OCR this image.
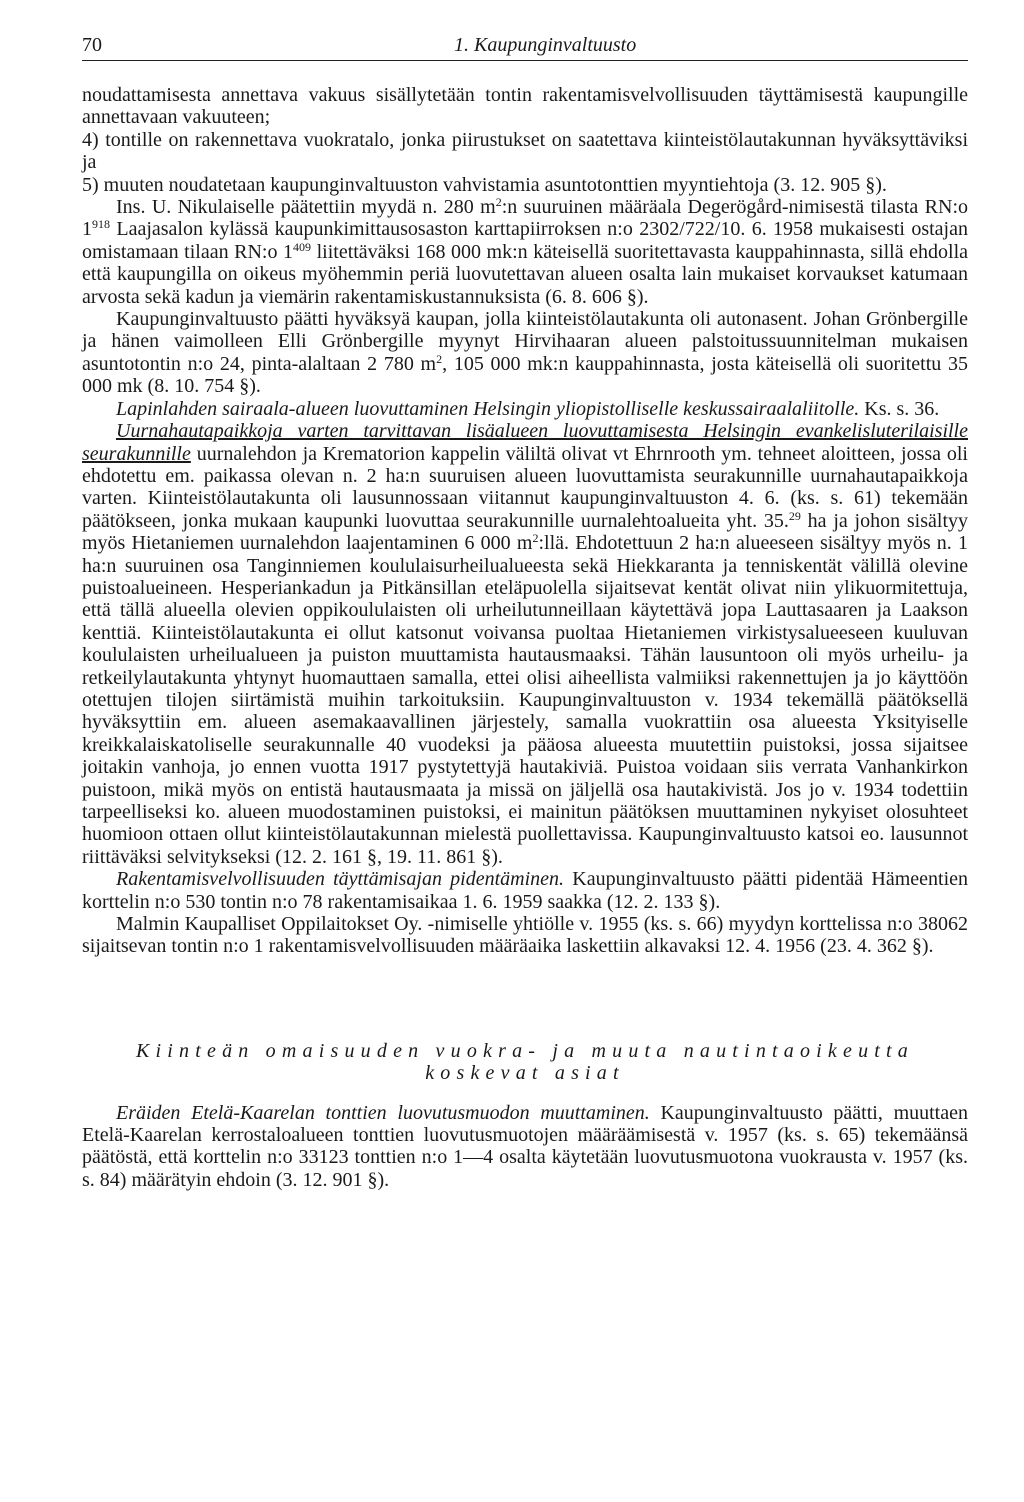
70	1. Kaupunginvaltuusto

noudattamisesta annettava vakuus sisällytetään tontin rakentamisvelvollisuuden täyttämisestä kaupungille annettavaan vakuuteen;

4) tontille on rakennettava vuokratalo, jonka piirustukset on saatettava kiinteistölautakunnan hyväksyttäviksi ja

5) muuten noudatetaan kaupunginvaltuuston vahvistamia asuntotonttien myyntiehtoja (3. 12. 905 §).

Ins. U. Nikulaiselle päätettiin myydä n. 280 $m^2:n$ suuruinen määräala Degerögård-nimisestä tilasta RN:o $1^{918}$ Laajasalon kylässä kaupunkimittausosaston karttapiirroksen n:o 2302/722/10. 6. 1958 mukaisesti ostajan omistamaan tilaan RN:o $1^{409}$ liitettäväksi 168 000 mk:n käteisellä suoritettavasta kauppahinnasta, sillä ehdolla että kaupungilla on oikeus myöhemmin periä luovutettavan alueen osalta lain mukaiset korvaukset katumaan arvosta sekä kadun ja viemärin rakentamiskustannuksista (6. 8. 606 §).

Kaupunginvaltuusto päätti hyväksyä kaupan, jolla kiinteistölautakunta oli autonasent. Johan Grönbergille ja hänen vaimolleen Elli Grönbergille myynyt Hirvihaaran alueen palstoitussuunnitelman mukaisen asuntotontin n:o 24, pinta-alaltaan 2 780 $m^2$, 105 000 mk:n kauppahinnasta, josta käteisellä oli suoritettu 35 000 mk (8. 10. 754 §).

Lapinlahden sairaala-alueen luovuttaminen Helsingin yliopistolliselle keskussairaalaliitolle. Ks. s. 36.

Uurnahautapaikkoja varten tarvittavan lisäalueen luovuttamisesta Helsingin evankelisluterilaisille seurakunnille uurnalehdon ja Krematorion kappelin väliltä olivat vt Ehrnrooth ym. tehneet aloitteen, jossa oli ehdotettu em. paikassa olevan n. 2 ha:n suuruisen alueen luovuttamista seurakunnille uurnahautapaikkoja varten. Kiinteistölautakunta oli lausunnossaan viitannut kaupunginvaltuuston 4. 6. (ks. s. 61) tekemään päätökseen, jonka mukaan kaupunki luovuttaa seurakunnille uurnalehtoalueita yht. 35.29 ha ja johon sisältyy myös Hietaniemen uurnalehdon laajentaminen 6 000 $m^2:llä$. Ehdotettuun 2 ha:n alueeseen sisältyy myös n. 1 ha:n suuruinen osa Tanginniemen koululaisurheilualueesta sekä Hiekkaranta ja tenniskentät välillä olevine puistoalueineen. Hesperiankadun ja Pitkänsillan eteläpuolella sijaitsevat kentät olivat niin ylikuormitettuja, että tällä alueella olevien oppikoululaisten oli urheilutunneillaan käytettävä jopa Lauttasaaren ja Laakson kenttiä. Kiinteistölautakunta ei ollut katsonut voivansa puoltaa Hietaniemen virkistysalueeseen kuuluvan koululaisten urheilualueen ja puiston muuttamista hautausmaaksi. Tähän lausuntoon oli myös urheilu- ja retkeilylautakunta yhtynyt huomauttaen samalla, ettei olisi aiheellista valmiiksi rakennettujen ja jo käyttöön otettujen tilojen siirtämistä muihin tarkoituksiin. Kaupunginvaltuuston v. 1934 tekemällä päätöksellä hyväksyttiin em. alueen asemakaavallinen järjestely, samalla vuokrattiin osa alueesta Yksityiselle kreikkalaiskatoliselle seurakunnalle 40 vuodeksi ja pääosa alueesta muutettiin puistoksi, jossa sijaitsee joitakin vanhoja, jo ennen vuotta 1917 pystytettyjä hautakiviä. Puistoa voidaan siis verrata Vanhankirkon puistoon, mikä myös on entistä hautausmaata ja missä on jäljellä osa hautakivistä. Jos jo v. 1934 todettiin tarpeelliseksi ko. alueen muodostaminen puistoksi, ei mainitun päätöksen muuttaminen nykyiset olosuhteet huomioon ottaen ollut kiinteistölautakunnan mielestä puollettavissa. Kaupunginvaltuusto katsoi eo. lausunnot riittäväksi selvitykseksi (12. 2. 161 §, 19. 11. 861 §).

Rakentamisvelvollisuuden täyttämisajan pidentäminen. Kaupunginvaltuusto päätti pidentää Hämeentien korttelin n:o 530 tontin n:o 78 rakentamisaikaa 1. 6. 1959 saakka (12. 2. 133 §).

Malmin Kaupalliset Oppilaitokset Oy. -nimiselle yhtiölle v. 1955 (ks. s. 66) myydyn korttelissa n:o 38062 sijaitsevan tontin n:o 1 rakentamisvelvollisuuden määräaika laskettiin alkavaksi 12. 4. 1956 (23. 4. 362 §).

Kiinteän omaisuuden vuokra- ja muuta nautintaoikeutta
koskevat asiat

Eräiden Etelä-Kaarelan tonttien luovutusmuodon muuttaminen. Kaupunginvaltuusto päätti, muuttaen Etelä-Kaarelan kerrostaloalueen tonttien luovutusmuotojen määräämisestä v. 1957 (ks. s. 65) tekemäänsä päätöstä, että korttelin n:o 33123 tonttien n:o 1—4 osalta käytetään luovutusmuotona vuokrausta v. 1957 (ks. s. 84) määrätyin ehdoin (3. 12. 901 §).
